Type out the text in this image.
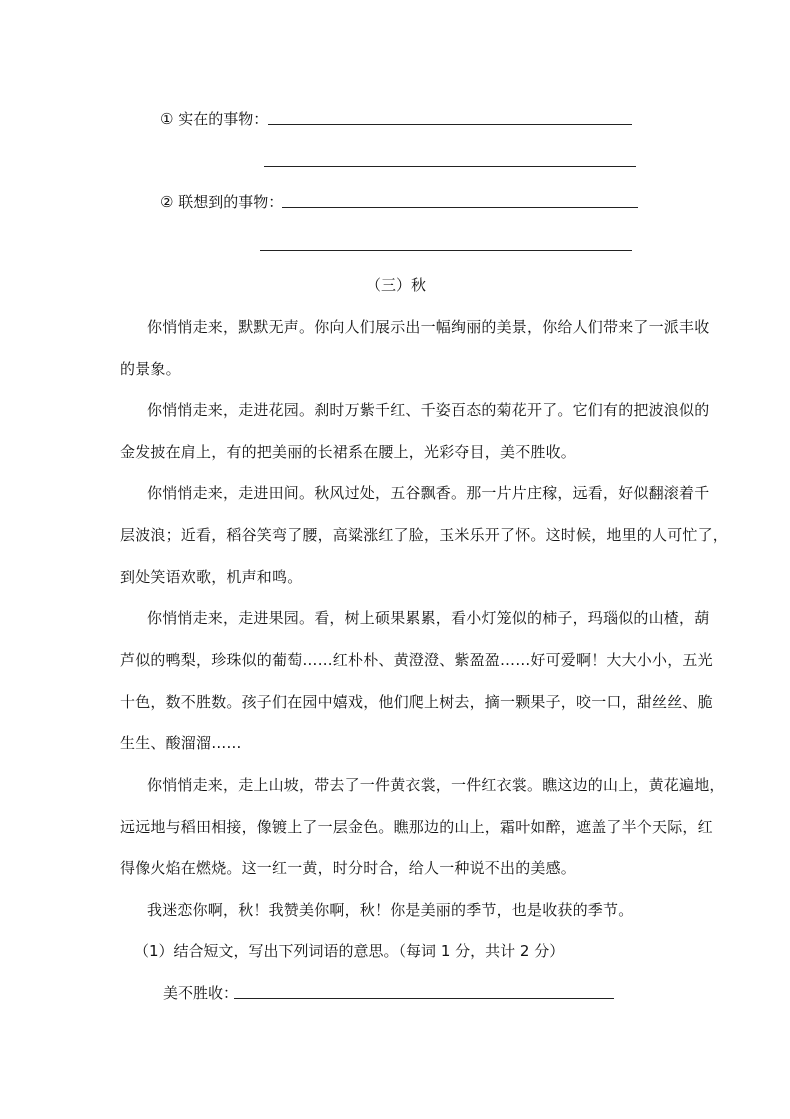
① 实在的事物：
② 联想到的事物：
（三）秋
你悄悄走来，默默无声。你向人们展示出一幅绚丽的美景，你给人们带来了一派丰收
的景象。
你悄悄走来，走进花园。刹时万紫千红、千姿百态的菊花开了。它们有的把波浪似的
金发披在肩上，有的把美丽的长裙系在腰上，光彩夺目，美不胜收。
你悄悄走来，走进田间。秋风过处，五谷飘香。那一片片庄稼，远看，好似翻滚着千
层波浪；近看，稻谷笑弯了腰，高粱涨红了脸，玉米乐开了怀。这时候，地里的人可忙了，
到处笑语欢歌，机声和鸣。
你悄悄走来，走进果园。看，树上硕果累累，看小灯笼似的柿子，玛瑙似的山楂，葫
芦似的鸭梨，珍珠似的葡萄……红朴朴、黄澄澄、紫盈盈……好可爱啊！大大小小，五光
十色，数不胜数。孩子们在园中嬉戏，他们爬上树去，摘一颗果子，咬一口，甜丝丝、脆
生生、酸溜溜……
你悄悄走来，走上山坡，带去了一件黄衣裳，一件红衣裳。瞧这边的山上，黄花遍地，
远远地与稻田相接，像镀上了一层金色。瞧那边的山上，霜叶如醉，遮盖了半个天际，红
得像火焰在燃烧。这一红一黄，时分时合，给人一种说不出的美感。
我迷恋你啊，秋！我赞美你啊，秋！你是美丽的季节，也是收获的季节。
（1）结合短文，写出下列词语的意思。（每词 1 分，共计 2 分）
美不胜收：
